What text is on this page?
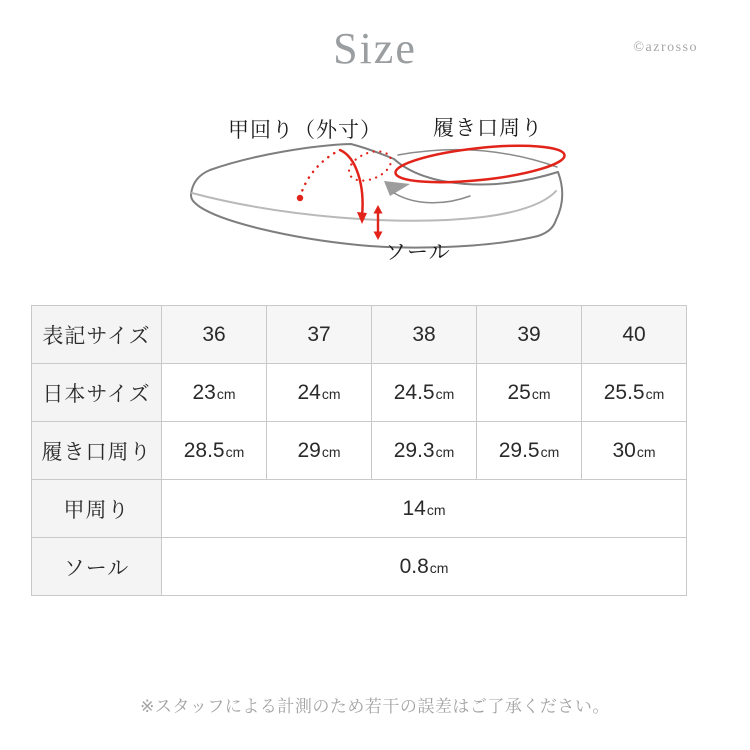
Size	©azrosso
甲回り（外寸） 履き口周り
ソール
表記サイズ 36	37	38	39	40
日本サイズ 23cm	24cm	24.5cm	25cm	25.5cm
履き口周り 28.5cm	29cm	29.3cm 29.5cm	30cm
甲周り	14cm
ソール	0.8cm
※スタッフによる計測のため若干の誤差はご了承ください。
